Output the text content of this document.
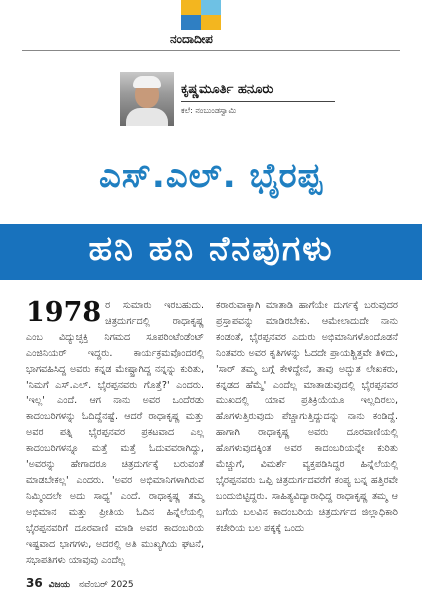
ನಂದಾದೀಪ
ಕೃಷ್ಣಮೂರ್ತಿ ಹನೂರು
ಕಲೆ: ನಂಬುಂಡಸ್ವಾಮಿ
ಎಸ್.ಎಲ್. ಭೈರಪ್ಪ
ಹನಿ ಹನಿ ನೆನಪುಗಳು
1978 ರ ಸುಮಾರು ಇರಬಹುದು. ಚಿತ್ರದುರ್ಗದಲ್ಲಿ ರಾಧಾಕೃಷ್ಣ ಎಂಬ ವಿದ್ಯುಚ್ಛಕ್ತಿ ನಿಗಮದ ಸೂಪರಿಂಟೆಂಡೆಂಟ್ ಎಂಜಿನಿಯರ್ ಇದ್ದರು. ಕಾರ್ಯಕ್ರಮವೊಂದರಲ್ಲಿ ಭಾಗವಹಿಸಿದ್ದ ಅವರು ಕನ್ನಡ ಮೇಷ್ಟ್ರಾಗಿದ್ದ ನನ್ನನ್ನು ಕುರಿತು, 'ನಿಮಗೆ ಎಸ್.ಎಲ್. ಭೈರಪ್ಪನವರು ಗೊತ್ತೆ?' ಎಂದರು. 'ಇಲ್ಲ' ಎಂದೆ. ಆಗ ನಾನು ಅವರ ಒಂದೆರಡು ಕಾದಂಬರಿಗಳನ್ನು ಓದಿದ್ದೆನಷ್ಟೆ. ಆದರೆ ರಾಧಾಕೃಷ್ಣ ಮತ್ತು ಅವರ ಪತ್ನಿ ಭೈರಪ್ಪನವರ ಪ್ರಕಟವಾದ ಎಲ್ಲ ಕಾದಂಬರಿಗಳನ್ನೂ ಮತ್ತೆ ಮತ್ತೆ ಓದುವವರಾಗಿದ್ದು, 'ಅವರನ್ನು ಹೇಗಾದರೂ ಚಿತ್ರದುರ್ಗಕ್ಕೆ ಬರುವಂತೆ ಮಾಡಬೇಕಲ್ಲ' ಎಂದರು. 'ಅವರ ಅಭಿಮಾನಿಗಳಾಗಿರುವ ನಿಮ್ಮಿಂದಲೇ ಅದು ಸಾಧ್ಯ' ಎಂದೆ. ರಾಧಾಕೃಷ್ಣ ತಮ್ಮ ಅಭಿಮಾನ ಮತ್ತು ಪ್ರೀತಿಯ ಓದಿನ ಹಿನ್ನೆಲೆಯಲ್ಲಿ ಭೈರಪ್ಪನವರಿಗೆ ದೂರವಾಣಿ ಮಾಡಿ ಅವರ ಕಾದಂಬರಿಯ ಇಷ್ಟವಾದ ಭಾಗಗಳು, ಅದರಲ್ಲಿ ಅತಿ ಮುಖ್ಯಗಿಯ ಘಟನೆ, ಸಭಾಪತಿಗಳು ಯಾವುವು ಎಂದೆಲ್ಲ
ಕರಾರುವಾಕ್ಕಾಗಿ ಮಾತಾಡಿ ಹಾಗೆಯೇ ದುರ್ಗಕ್ಕೆ ಬರುವುದರ ಪ್ರಸ್ತಾಪವನ್ನು ಮಾಡಿರಬೇಕು. ಆಮೇಲಾದುದೇ ನಾನು ಕಂಡಂತೆ, ಭೈರಪ್ಪನವರ ಎದುರು ಅಭಿಮಾನಿಗಳೊಂದೊಡನೆ ನಿಂತವರು ಅವರ ಕೃತಿಗಳನ್ನು ಓದದೇ ಪ್ರಾಯಶ್ಚಿತ್ತವೇ ತಿಳಿದು, 'ಸಾರ್ ತಮ್ಮ ಬಗ್ಗೆ ಕೇಳಿದ್ದೇನೆ, ತಾವು ಅದ್ಭುತ ಲೇಖಕರು, ಕನ್ನಡದ ಹೆಮ್ಮೆ' ಎಂದೆಲ್ಲ ಮಾತಾಡುವುದಲ್ಲಿ ಭೈರಪ್ಪನವರ ಮುಖದಲ್ಲಿ ಯಾವ ಪ್ರತಿಕ್ರಿಯೆಯೂ ಇಲ್ಲದಿರಲು, ಹೊಗಳುತ್ತಿರುವುದು ಪೆಚ್ಚಾಗುತ್ತಿದ್ದುದನ್ನು ನಾನು ಕಂಡಿದ್ದೆ. ಹಾಗಾಗಿ ರಾಧಾಕೃಷ್ಣ ಅವರು ದೂರವಾಣಿಯಲ್ಲಿ ಹೊಗಳುವುದಕ್ಕಿಂತ ಅವರ ಕಾದಂಬರಿಯನ್ನೇ ಕುರಿತು ಮೆಚ್ಚುಗೆ, ವಿಮರ್ಶೆ ವ್ಯಕ್ತಪಡಿಸಿದ್ದರ ಹಿನ್ನೆಲೆಯಲ್ಲಿ ಭೈರಪ್ಪನವರು ಒಪ್ಪಿ ಚಿತ್ರದುರ್ಗದವರೆಗೆ ಕಂಪ್ಯ ಬನ್ನ ಹತ್ತಿರವೇ ಬಂದುಬಿಟ್ಟಿದ್ದರು. ಸಾಹಿತ್ಯವಿದ್ಯಾರಾಧಿದ್ದ ರಾಧಾಕೃಷ್ಣ ತಮ್ಮ ಆ ಬಗೆಯ ಬಲವಿನ ಕಾದಂಬರಿಯ ಚಿತ್ರದುರ್ಗದ ಜಿಲ್ಲಾಧಿಕಾರಿ ಕಚೇರಿಯ ಬಲ ಪಕ್ಕಕ್ಕೆ ಒಂದು
36 ವಿಜಯ ನವೆಂಬರ್ 2025
